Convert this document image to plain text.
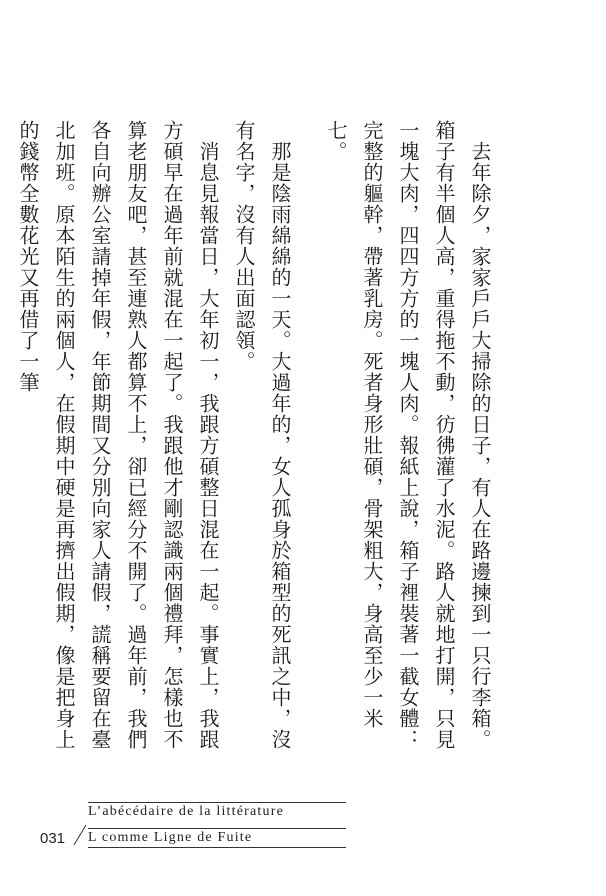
去年除夕，家家戶戶大掃除的日子，有人在路邊揀到一只行李箱。箱子有半個人高，重得拖不動，彷彿灌了水泥。路人就地打開，只見一塊大肉，四四方方的一塊人肉。報紙上說，箱子裡裝著一截女體：完整的軀幹，帶著乳房。死者身形壯碩，骨架粗大，身高至少一米七。

那是陰雨綿綿的一天。大過年的，女人孤身於箱型的死訊之中，沒有名字，沒有人出面認領。

消息見報當日，大年初一，我跟方碩整日混在一起。事實上，我跟方碩早在過年前就混在一起了。我跟他才剛認識兩個禮拜，怎樣也不算老朋友吧，甚至連熟人都算不上，卻已經分不開了。過年前，我們各自向辦公室請掉年假，年節期間又分別向家人請假，謊稱要留在臺北加班。原本陌生的兩個人，在假期中硬是再擠出假期，像是把身上的錢幣全數花光又再借了一筆

031
L’abécédaire de la littérature
L comme Ligne de Fuite
